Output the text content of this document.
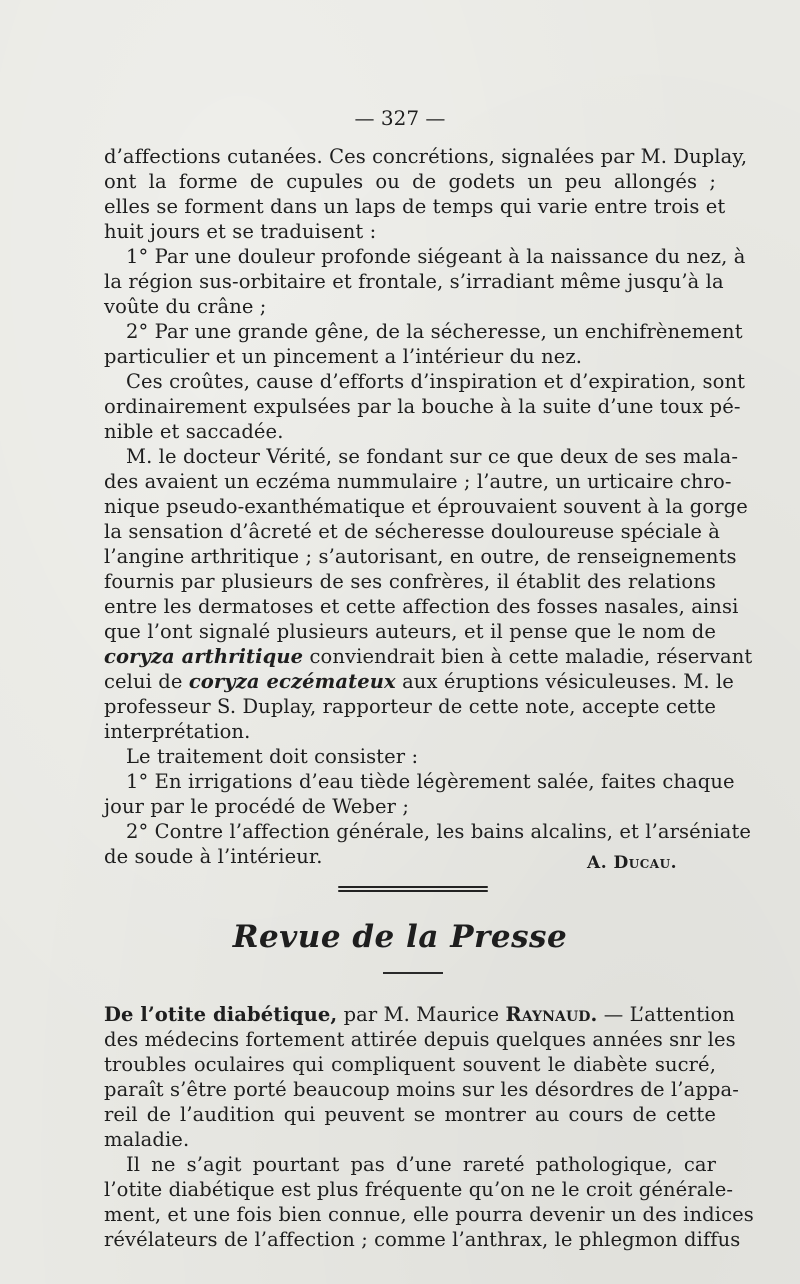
— 327 —
d’affections cutanées. Ces concrétions, signalées par M. Duplay,
ont la forme de cupules ou de godets un peu allongés ;
elles se forment dans un laps de temps qui varie entre trois et
huit jours et se traduisent :
1° Par une douleur profonde siégeant à la naissance du nez, à
la région sus-orbitaire et frontale, s’irradiant même jusqu’à la
voûte du crâne ;
2° Par une grande gêne, de la sécheresse, un enchifrènement
particulier et un pincement a l’intérieur du nez.
Ces croûtes, cause d’efforts d’inspiration et d’expiration, sont
ordinairement expulsées par la bouche à la suite d’une toux pé-
nible et saccadée.
M. le docteur Vérité, se fondant sur ce que deux de ses mala-
des avaient un eczéma nummulaire ; l’autre, un urticaire chro-
nique pseudo-exanthématique et éprouvaient souvent à la gorge
la sensation d’âcreté et de sécheresse douloureuse spéciale à
l’angine arthritique ; s’autorisant, en outre, de renseignements
fournis par plusieurs de ses confrères, il établit des relations
entre les dermatoses et cette affection des fosses nasales, ainsi
que l’ont signalé plusieurs auteurs, et il pense que le nom de
coryza arthritique conviendrait bien à cette maladie, réservant
celui de coryza eczémateux aux éruptions vésiculeuses. M. le
professeur S. Duplay, rapporteur de cette note, accepte cette
interprétation.
Le traitement doit consister :
1° En irrigations d’eau tiède légèrement salée, faites chaque
jour par le procédé de Weber ;
2° Contre l’affection générale, les bains alcalins, et l’arséniate
de soude à l’intérieur.	A. Ducau.
Revue de la Presse
De l’otite diabétique, par M. Maurice Raynaud. — L’attention
des médecins fortement attirée depuis quelques années snr les
troubles oculaires qui compliquent souvent le diabète sucré,
paraît s’être porté beaucoup moins sur les désordres de l’appa-
reil de l’audition qui peuvent se montrer au cours de cette
maladie.
Il ne s’agit pourtant pas d’une rareté pathologique, car
l’otite diabétique est plus fréquente qu’on ne le croit générale-
ment, et une fois bien connue, elle pourra devenir un des indices
révélateurs de l’affection ; comme l’anthrax, le phlegmon diffus
